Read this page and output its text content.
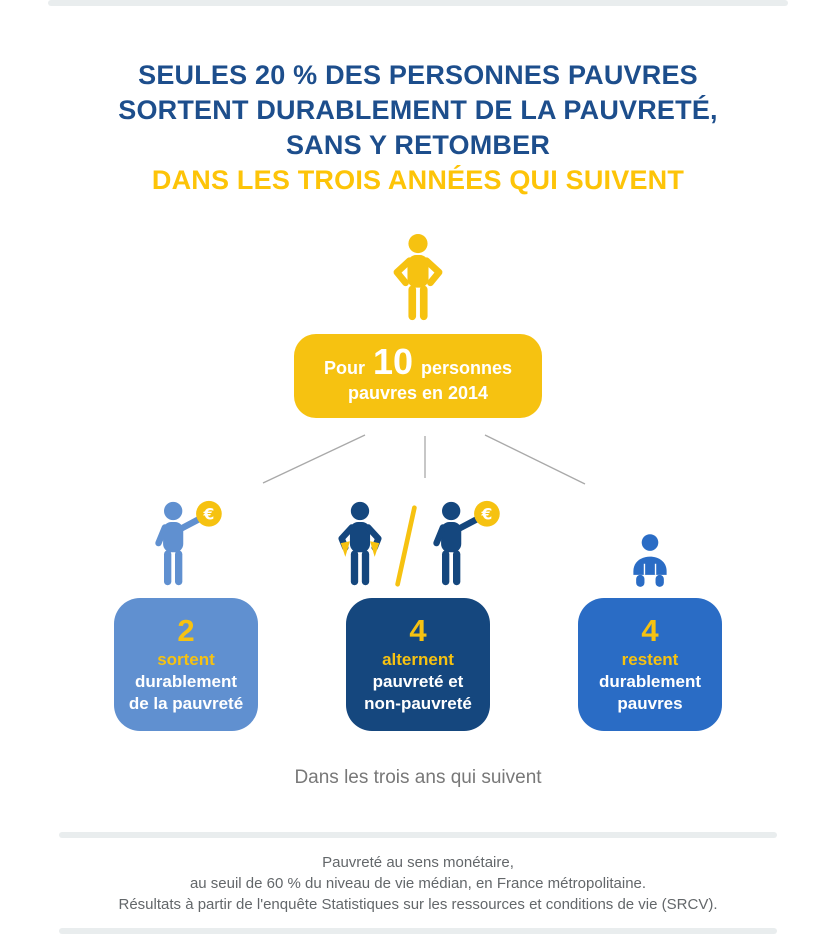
SEULES 20 % DES PERSONNES PAUVRES
SORTENT DURABLEMENT DE LA PAUVRETÉ,
SANS Y RETOMBER
DANS LES TROIS ANNÉES QUI SUIVENT
Pour 10 personnes
pauvres en 2014
€
2
sortent
durablement
de la pauvreté
€
4
alternent
pauvreté et
non-pauvreté
4
restent
durablement
pauvres

Dans les trois ans qui suivent

Pauvreté au sens monétaire,
au seuil de 60 % du niveau de vie médian, en France métropolitaine.
Résultats à partir de l'enquête Statistiques sur les ressources et conditions de vie (SRCV).
